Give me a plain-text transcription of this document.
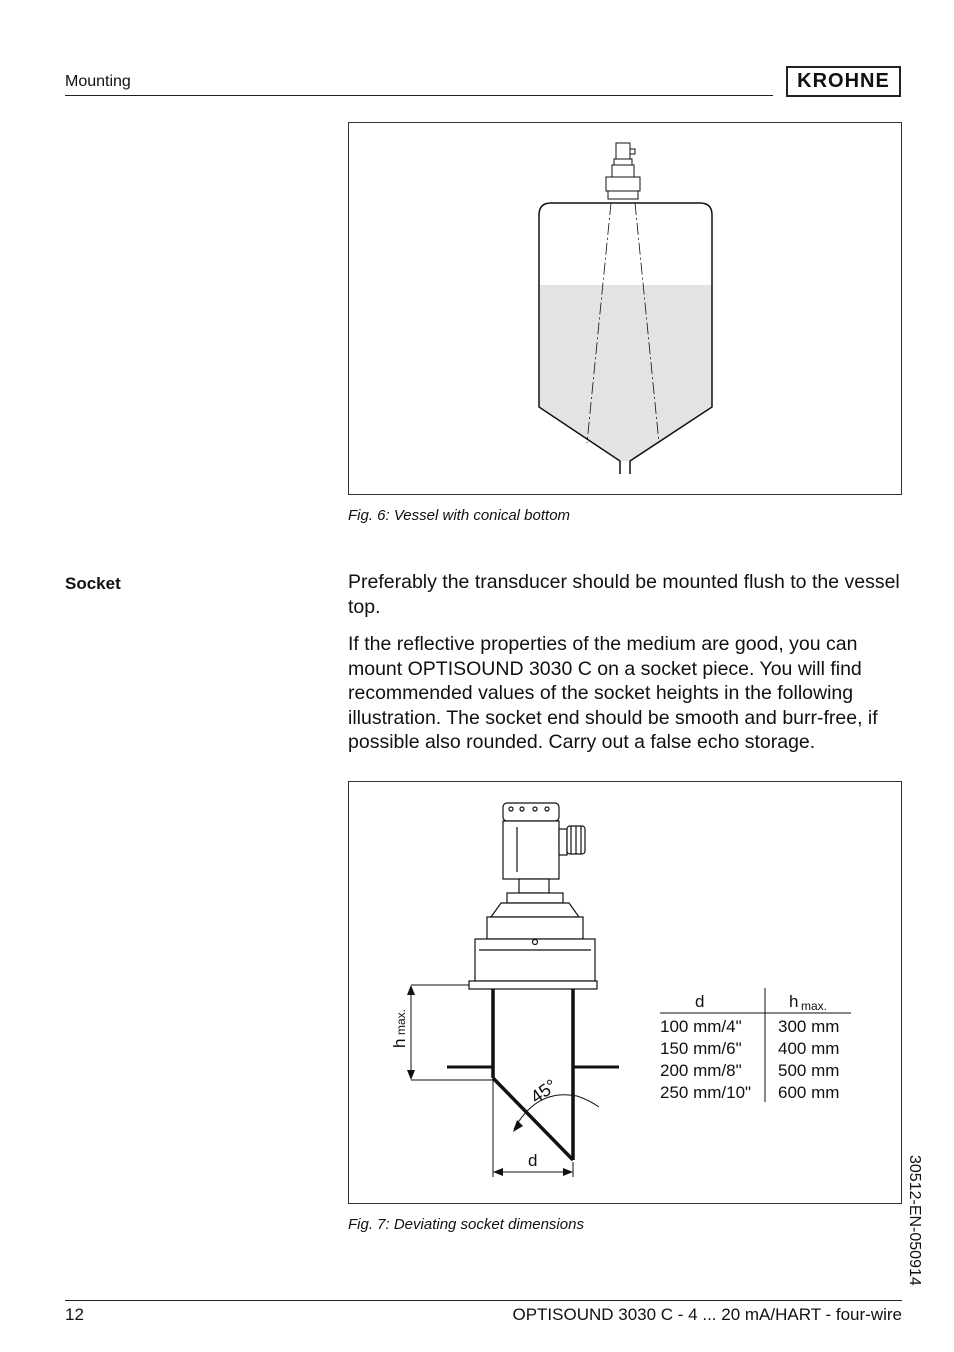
Mounting	KROHNE
Fig. 6: Vessel with conical bottom
Socket	Preferably the transducer should be mounted flush to the vessel top.
If the reflective properties of the medium are good, you can mount OPTISOUND 3030 C on a socket piece. You will find recommended values of the socket heights in the following illustration. The socket end should be smooth and burr-free, if possible also rounded. Carry out a false echo storage.
h
max.
d
45°
d	h max.
100 mm/4" 300 mm
150 mm/6" 400 mm
200 mm/8" 500 mm
250 mm/10" 600 mm
Fig. 7: Deviating socket dimensions	30512-EN-050914
12	OPTISOUND 3030 C - 4 ... 20 mA/HART - four-wire
